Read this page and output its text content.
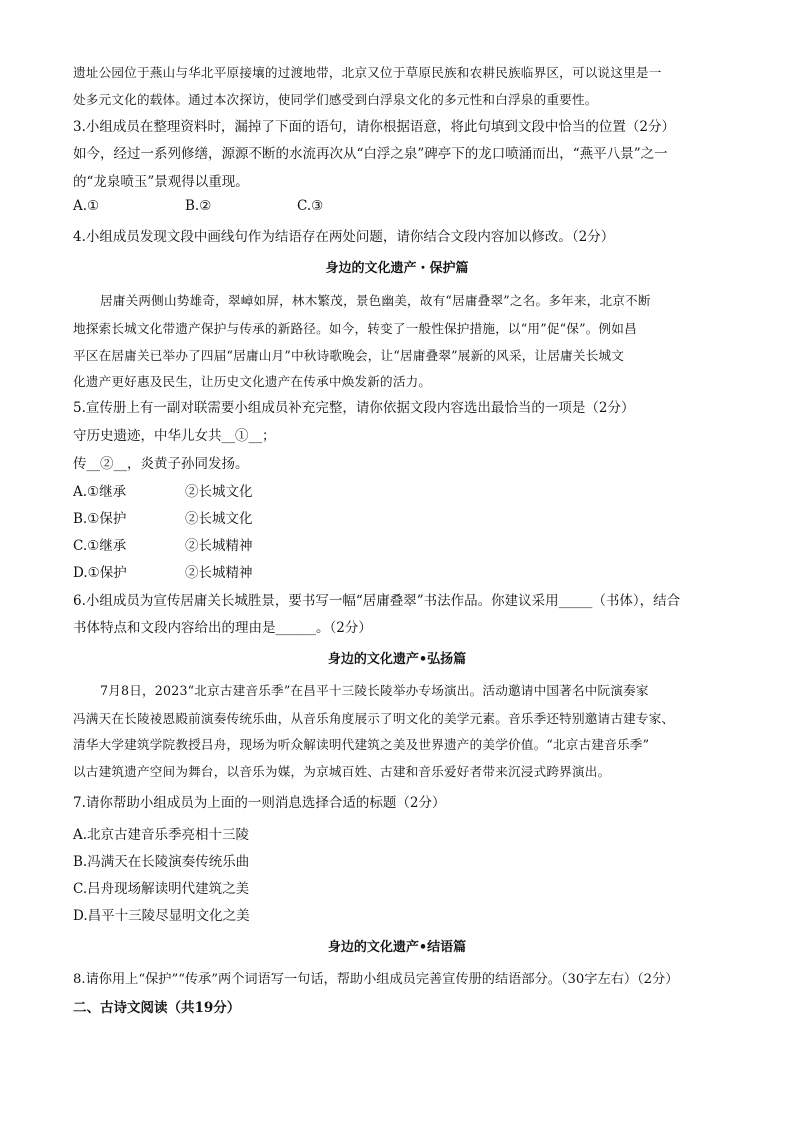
遗址公园位于燕山与华北平原接壤的过渡地带，北京又位于草原民族和农耕民族临界区，可以说这里是一
处多元文化的载体。通过本次探访，使同学们感受到白浮泉文化的多元性和白浮泉的重要性。
3.小组成员在整理资料时，漏掉了下面的语句，请你根据语意，将此句填到文段中恰当的位置（2分）
如今，经过一系列修缮，源源不断的水流再次从“白浮之泉”碑亭下的龙口喷涌而出，“燕平八景”之一
的“龙泉喷玉”景观得以重现。
A.①	B.②	C.③
4.小组成员发现文段中画线句作为结语存在两处问题，请你结合文段内容加以修改。（2分）
身边的文化遗产・保护篇
居庸关两侧山势雄奇，翠嶂如屏，林木繁茂，景色幽美，故有“居庸叠翠”之名。多年来，北京不断
地探索长城文化带遗产保护与传承的新路径。如今，转变了一般性保护措施，以“用”促“保”。例如昌
平区在居庸关已举办了四届“居庸山月”中秋诗歌晚会，让“居庸叠翠”展新的风采，让居庸关长城文
化遗产更好惠及民生，让历史文化遗产在传承中焕发新的活力。
5.宣传册上有一副对联需要小组成员补充完整，请你依据文段内容选出最恰当的一项是（2分）
守历史遗迹，中华儿女共__①__；
传__②__，炎黄子孙同发扬。
A.①继承	②长城文化
B.①保护	②长城文化
C.①继承	②长城精神
D.①保护	②长城精神
6.小组成员为宣传居庸关长城胜景，要书写一幅“居庸叠翠”书法作品。你建议采用_____（书体），结合
书体特点和文段内容给出的理由是______。（2分）
身边的文化遗产•弘扬篇
7月8日，2023“北京古建音乐季”在昌平十三陵长陵举办专场演出。活动邀请中国著名中阮演奏家
冯满天在长陵祾恩殿前演奏传统乐曲，从音乐角度展示了明文化的美学元素。音乐季还特别邀请古建专家、
清华大学建筑学院教授吕舟，现场为听众解读明代建筑之美及世界遗产的美学价值。“北京古建音乐季”
以古建筑遗产空间为舞台，以音乐为媒，为京城百姓、古建和音乐爱好者带来沉浸式跨界演出。
7.请你帮助小组成员为上面的一则消息选择合适的标题（2分）
A.北京古建音乐季亮相十三陵
B.冯满天在长陵演奏传统乐曲
C.吕舟现场解读明代建筑之美
D.昌平十三陵尽显明文化之美
身边的文化遗产•结语篇
8.请你用上“保护”“传承”两个词语写一句话，帮助小组成员完善宣传册的结语部分。（30字左右）（2分）
二、古诗文阅读（共19分）
